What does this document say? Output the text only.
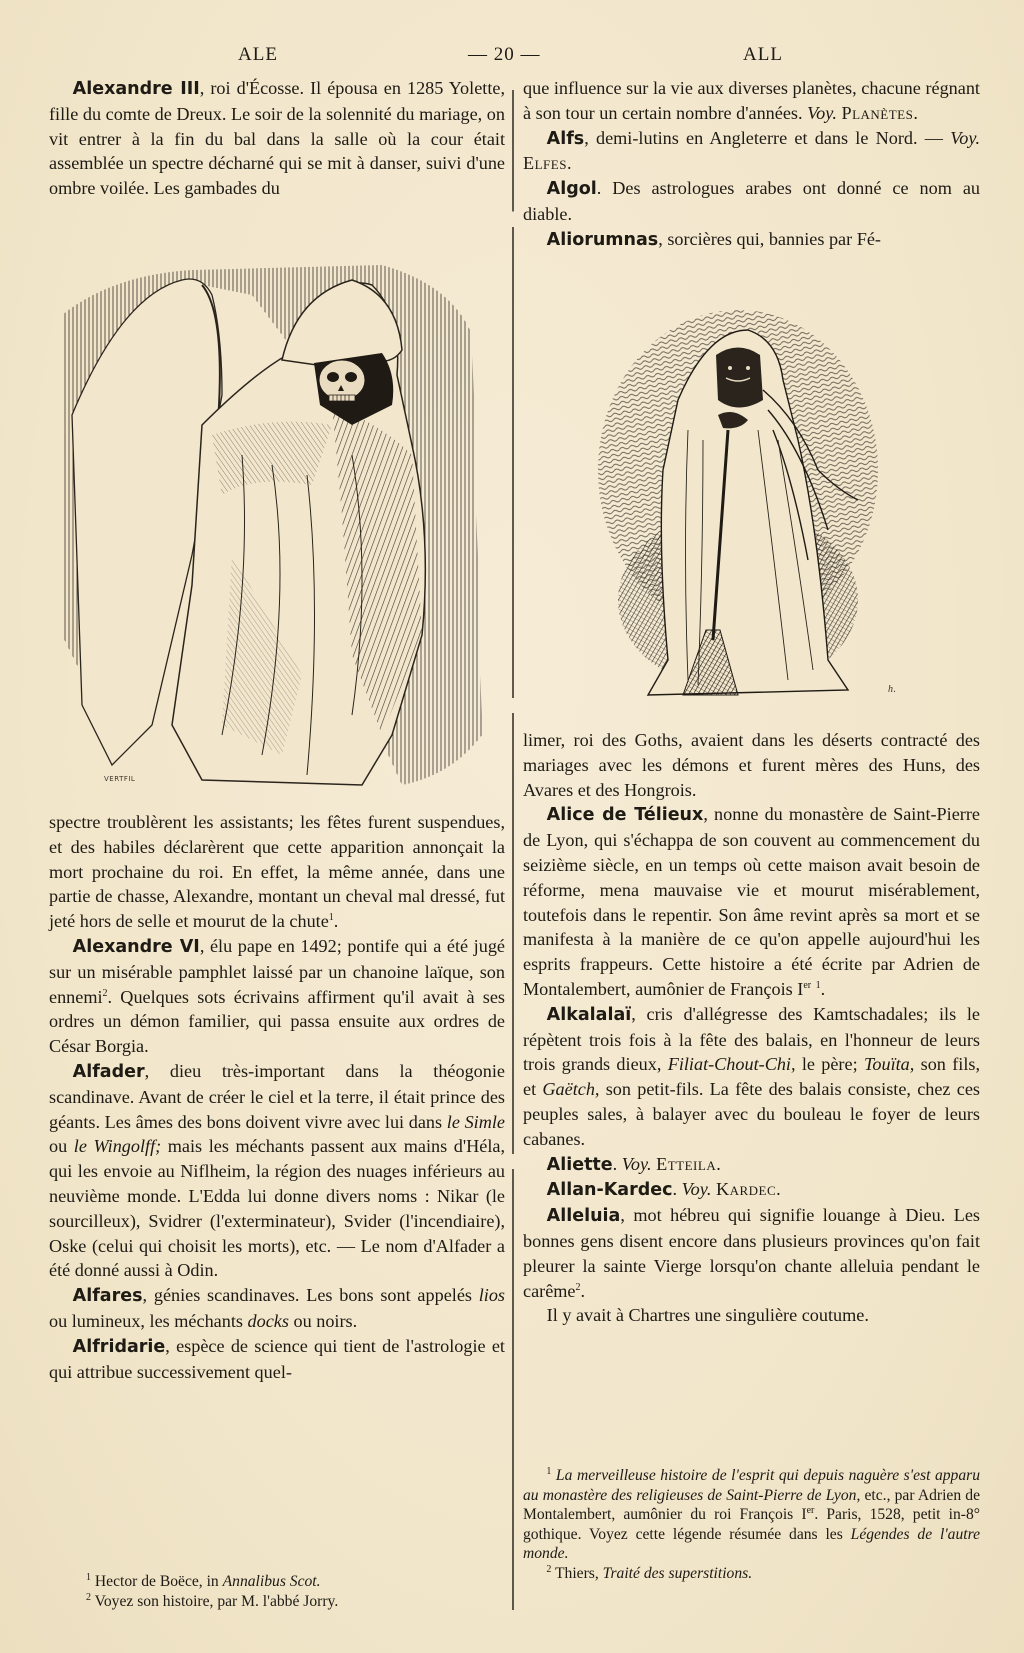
ALE	— 20 —	ALL

Alexandre III, roi d'Écosse. Il épousa en 1285 Yolette, fille du comte de Dreux. Le soir de la solennité du mariage, on vit entrer à la fin du bal dans la salle où la cour était assemblée un spectre décharné qui se mit à danser, suivi d'une ombre voilée. Les gambades du

VERTFIL

spectre troublèrent les assistants; les fêtes furent suspendues, et des habiles déclarèrent que cette apparition annonçait la mort prochaine du roi. En effet, la même année, dans une partie de chasse, Alexandre, montant un cheval mal dressé, fut jeté hors de selle et mourut de la chute$^1$.

Alexandre VI, élu pape en 1492; pontife qui a été jugé sur un misérable pamphlet laissé par un chanoine laïque, son ennemi$^2$. Quelques sots écrivains affirment qu'il avait à ses ordres un démon familier, qui passa ensuite aux ordres de César Borgia.

Alfader, dieu très-important dans la théogonie scandinave. Avant de créer le ciel et la terre, il était prince des géants. Les âmes des bons doivent vivre avec lui dans le Simle ou le Wingolff; mais les méchants passent aux mains d'Héla, qui les envoie au Niflheim, la région des nuages inférieurs au neuvième monde. L'Edda lui donne divers noms : Nikar (le sourcilleux), Svidrer (l'exterminateur), Svider (l'incendiaire), Oske (celui qui choisit les morts), etc. — Le nom d'Alfader a été donné aussi à Odin.

Alfares, génies scandinaves. Les bons sont appelés lios ou lumineux, les méchants docks ou noirs.

Alfridarie, espèce de science qui tient de l'astrologie et qui attribue successivement quel-

$^1$ Hector de Boëce, in Annalibus Scot.

$^2$ Voyez son histoire, par M. l'abbé Jorry.

que influence sur la vie aux diverses planètes, chacune régnant à son tour un certain nombre d'années. Voy. Planètes.

Alfs, demi-lutins en Angleterre et dans le Nord. — Voy. Elfes.

Algol. Des astrologues arabes ont donné ce nom au diable.

Aliorumnas, sorcières qui, bannies par Fé-

h.

limer, roi des Goths, avaient dans les déserts contracté des mariages avec les démons et furent mères des Huns, des Avares et des Hongrois.

Alice de Télieux, nonne du monastère de Saint-Pierre de Lyon, qui s'échappa de son couvent au commencement du seizième siècle, en un temps où cette maison avait besoin de réforme, mena mauvaise vie et mourut misérablement, toutefois dans le repentir. Son âme revint après sa mort et se manifesta à la manière de ce qu'on appelle aujourd'hui les esprits frappeurs. Cette histoire a été écrite par Adrien de Montalembert, aumônier de François Ier $^1$.

Alkalalaï, cris d'allégresse des Kamtschadales; ils le répètent trois fois à la fête des balais, en l'honneur de leurs trois grands dieux, Filiat-Chout-Chi, le père; Touïta, son fils, et Gaëtch, son petit-fils. La fête des balais consiste, chez ces peuples sales, à balayer avec du bouleau le foyer de leurs cabanes.

Aliette. Voy. Etteila.

Allan-Kardec. Voy. Kardec.

Alleluia, mot hébreu qui signifie louange à Dieu. Les bonnes gens disent encore dans plusieurs provinces qu'on fait pleurer la sainte Vierge lorsqu'on chante alleluia pendant le carême$^2$.

Il y avait à Chartres une singulière coutume.

$^1$ La merveilleuse histoire de l'esprit qui depuis naguère s'est apparu au monastère des religieuses de Saint-Pierre de Lyon, etc., par Adrien de Montalembert, aumônier du roi François Ier. Paris, 1528, petit in-8° gothique. Voyez cette légende résumée dans les Légendes de l'autre monde.

$^2$ Thiers, Traité des superstitions.
